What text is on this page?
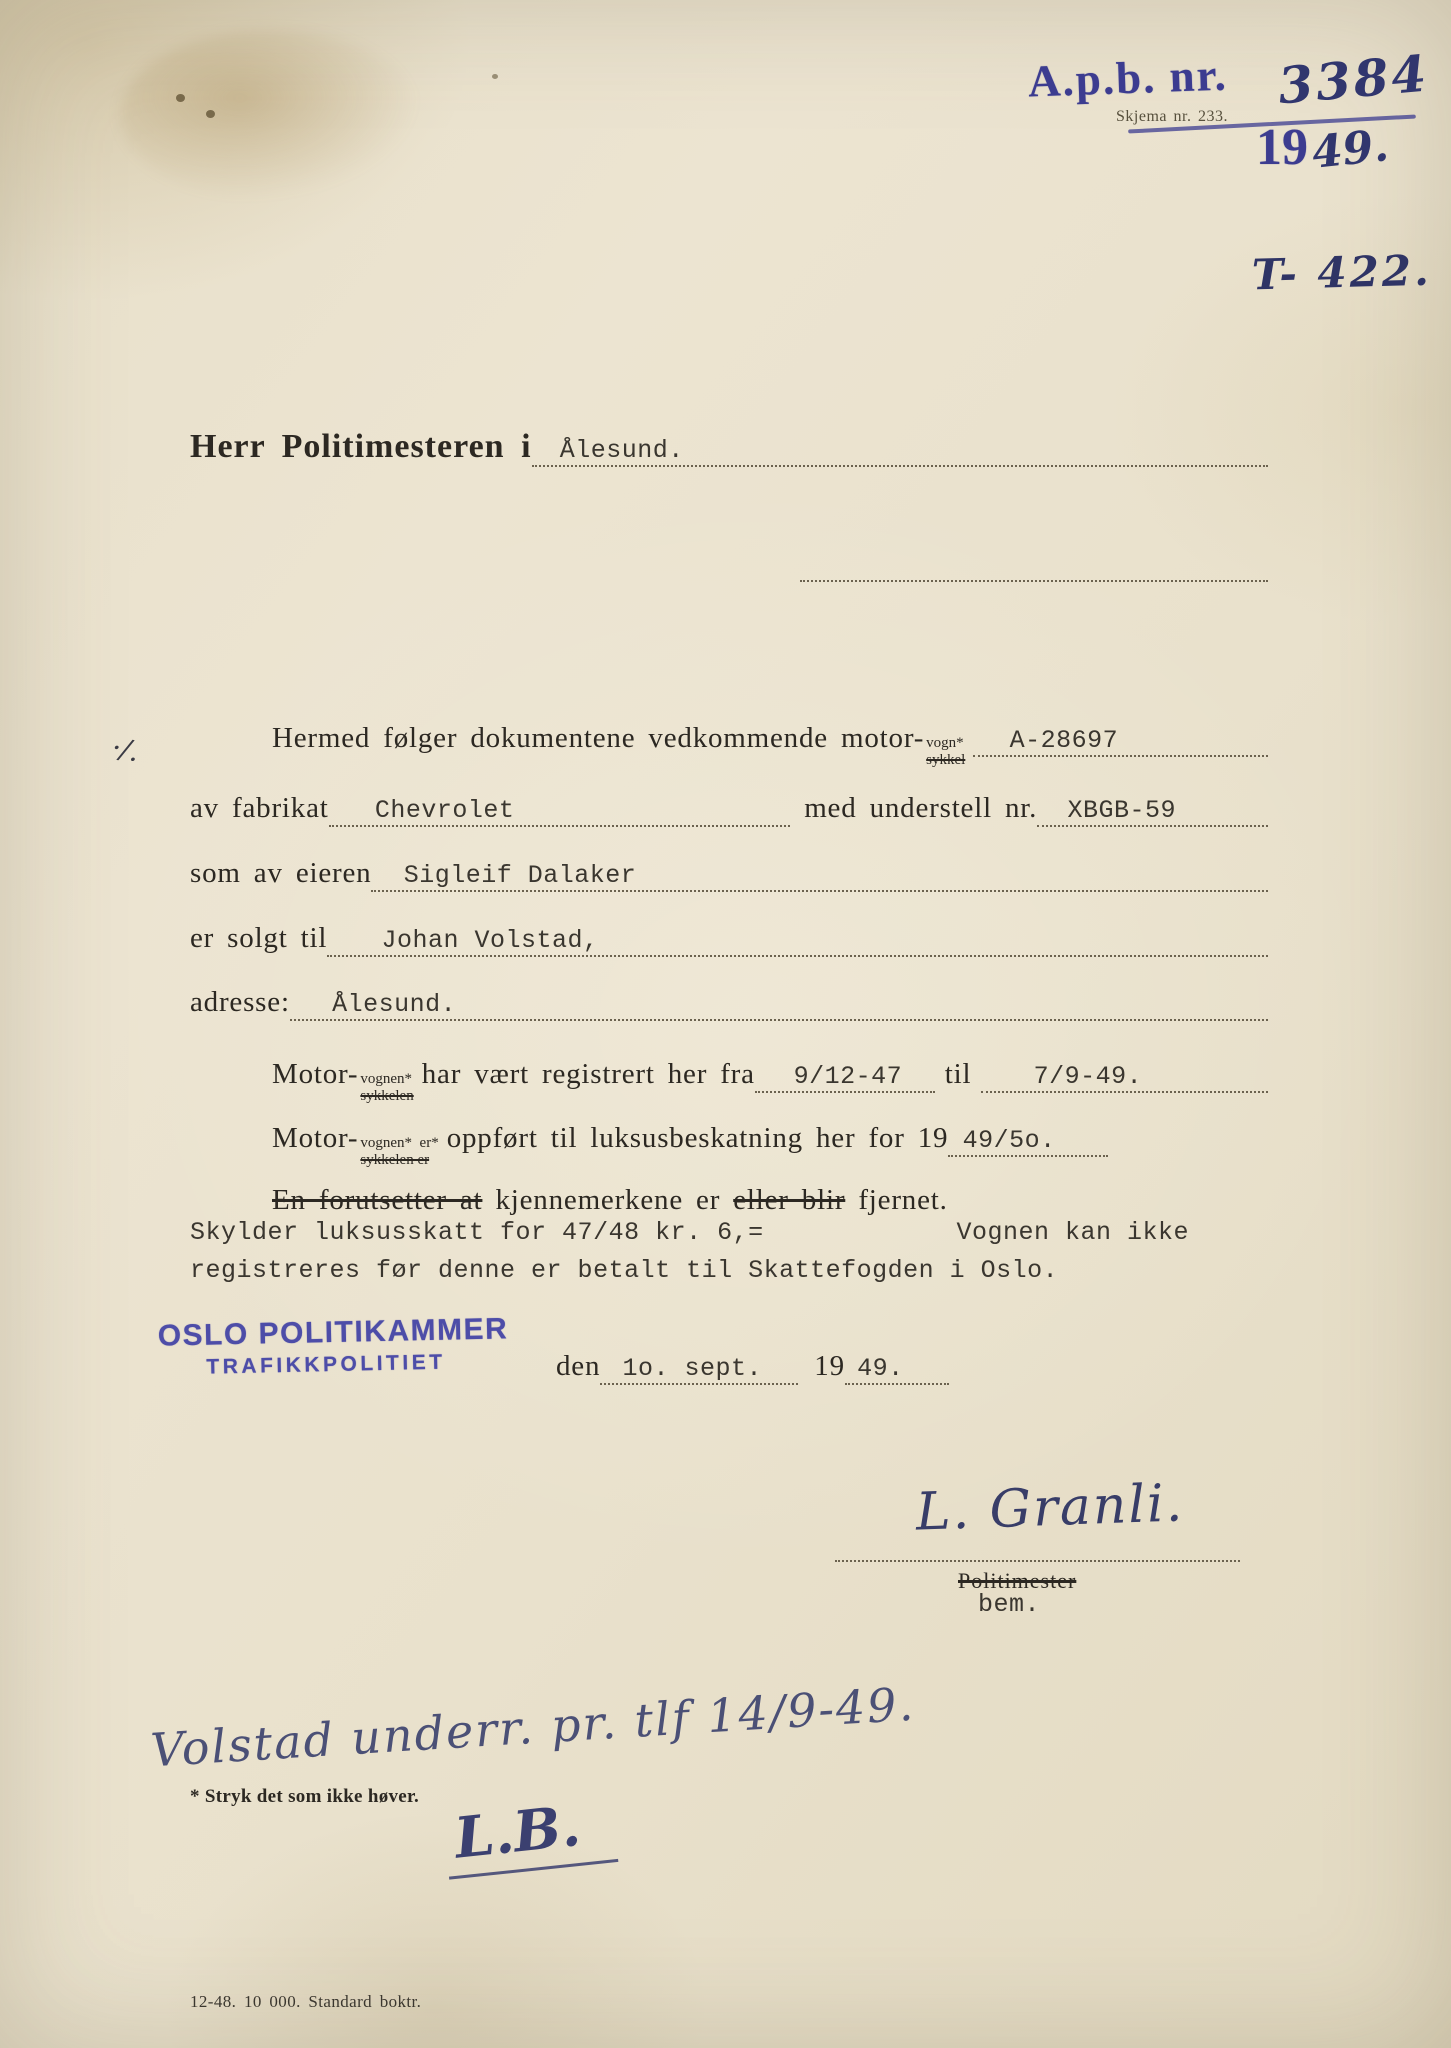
Skjema nr. 233.
A.p.b. nr. 3384
19 49.
T- 422.
·/.
Herr Politimesteren i	Ålesund.
Hermed følger dokumentene vedkommende motor- vogn*
sykkel
A-28697
av fabrikat	Chevrolet	med understell nr.	XBGB-59
som av eieren	Sigleif Dalaker
er solgt til	Johan Volstad,
adresse:	Ålesund.
Motor- vognen*
sykkelen
har vært registrert her fra 9/12-47 til	7/9-49.
Motor- vognen*  er*
sykkelen er
oppført til luksusbeskatning her for 19 49/5o.
En forutsetter at kjennemerkene er eller blir fjernet.
Skylder luksusskatt for 47/48 kr. 6,=	Vognen kan ikke
registreres før denne er betalt til Skattefogden i Oslo.
OSLO POLITIKAMMER
TRAFIKKPOLITIET	den 1o. sept. 19 49.
L. Granli.
Politimester
bem.
Volstad underr. pr. tlf 14/9-49.
* Stryk det som ikke høver. L.B.
12-48. 10 000. Standard boktr.
